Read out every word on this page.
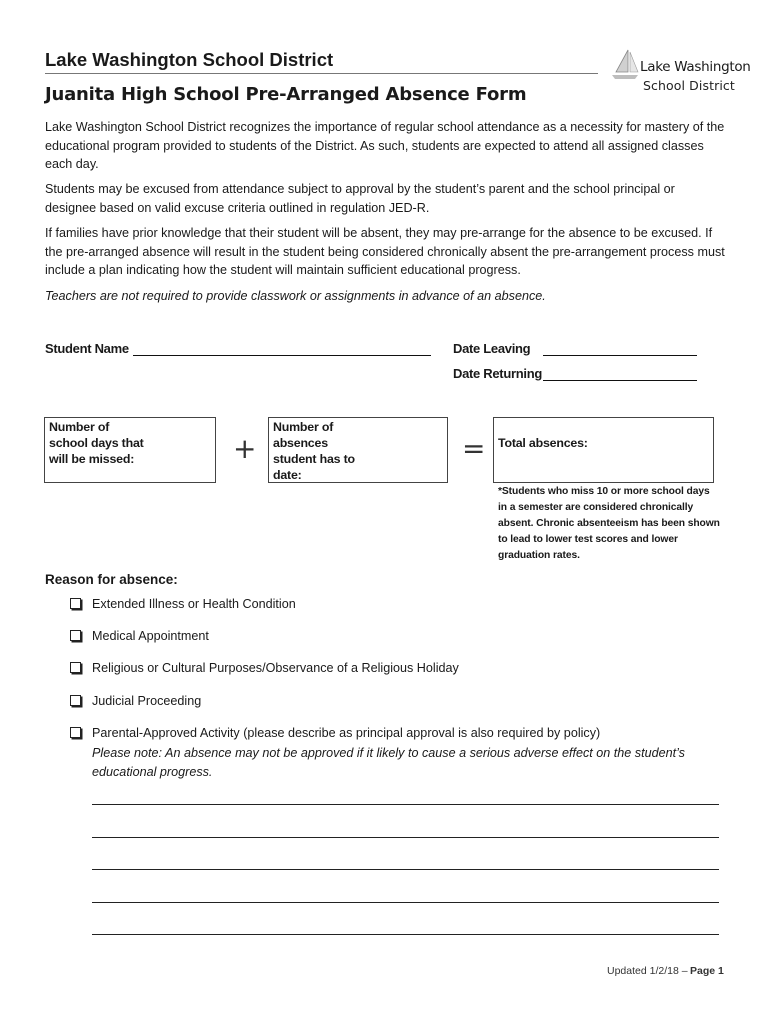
Lake Washington School District
Juanita High School Pre-Arranged Absence Form
Lake Washington
School District
Lake Washington School District recognizes the importance of regular school attendance as a necessity for mastery of the educational program provided to students of the District. As such, students are expected to attend all assigned classes each day.
Students may be excused from attendance subject to approval by the student’s parent and the school principal or designee based on valid excuse criteria outlined in regulation JED-R.
If families have prior knowledge that their student will be absent, they may pre-arrange for the absence to be excused. If the pre-arranged absence will result in the student being considered chronically absent the pre-arrangement process must include a plan indicating how the student will maintain sufficient educational progress.
Teachers are not required to provide classwork or assignments in advance of an absence.
Student Name	Date Leaving
Date Returning
Number of school days that will be missed:	+
Number of absences student has to date:
= Total absences:
*Students who miss 10 or more school days in a semester are considered chronically absent. Chronic absenteeism has been shown to lead to lower test scores and lower graduation rates.
Reason for absence:
Extended Illness or Health Condition
Medical Appointment
Religious or Cultural Purposes/Observance of a Religious Holiday
Judicial Proceeding
Parental-Approved Activity (please describe as principal approval is also required by policy)
Please note: An absence may not be approved if it likely to cause a serious adverse effect on the student’s educational progress.
Updated 1/2/18 – Page 1
